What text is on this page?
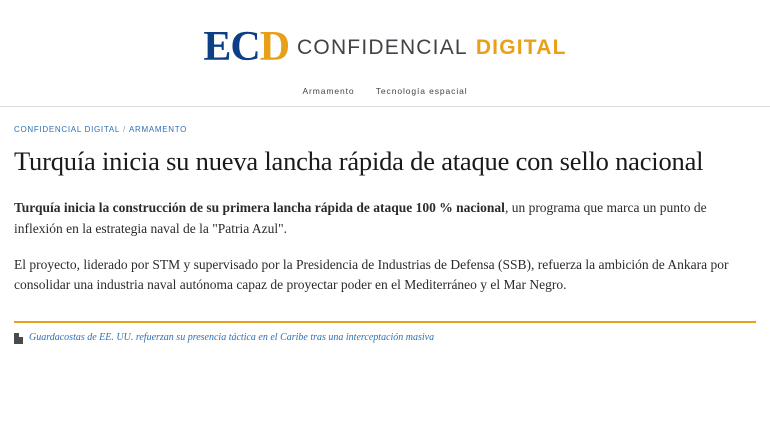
ECD CONFIDENCIAL DIGITAL
Armamento	Tecnología espacial
CONFIDENCIAL DIGITAL / ARMAMENTO
Turquía inicia su nueva lancha rápida de ataque con sello nacional

Turquía inicia la construcción de su primera lancha rápida de ataque 100 % nacional, un programa que marca un punto de inflexión en la estrategia naval de la "Patria Azul".

El proyecto, liderado por STM y supervisado por la Presidencia de Industrias de Defensa (SSB), refuerza la ambición de Ankara por consolidar una industria naval autónoma capaz de proyectar poder en el Mediterráneo y el Mar Negro.

Guardacostas de EE. UU. refuerzan su presencia táctica en el Caribe tras una interceptación masiva
